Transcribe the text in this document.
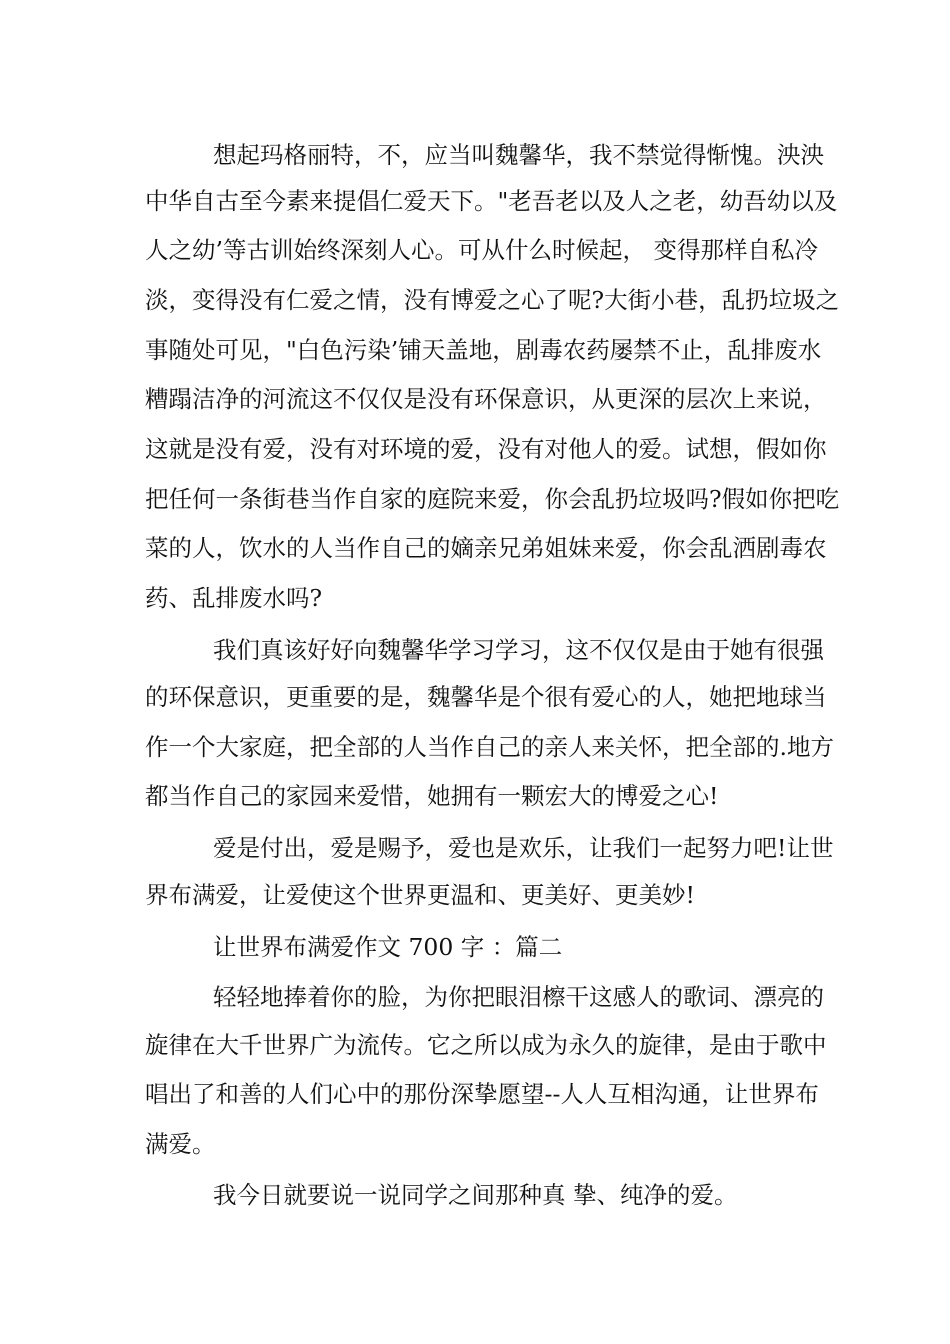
想起玛格丽特，不，应当叫魏馨华，我不禁觉得惭愧。泱泱
中华自古至今素来提倡仁爱天下。"老吾老以及人之老，幼吾幼以及
人之幼’等古训始终深刻人心。可从什么时候起， 变得那样自私冷
淡，变得没有仁爱之情，没有博爱之心了呢?大街小巷，乱扔垃圾之
事随处可见，"白色污染’铺天盖地，剧毒农药屡禁不止，乱排废水
糟蹋洁净的河流这不仅仅是没有环保意识，从更深的层次上来说，
这就是没有爱，没有对环境的爱，没有对他人的爱。试想，假如你
把任何一条街巷当作自家的庭院来爱，你会乱扔垃圾吗?假如你把吃
菜的人，饮水的人当作自己的嫡亲兄弟姐妹来爱，你会乱洒剧毒农
药、乱排废水吗?
我们真该好好向魏馨华学习学习，这不仅仅是由于她有很强
的环保意识，更重要的是，魏馨华是个很有爱心的人，她把地球当
作一个大家庭，把全部的人当作自己的亲人来关怀，把全部的.地方
都当作自己的家园来爱惜，她拥有一颗宏大的博爱之心!
爱是付出，爱是赐予，爱也是欢乐，让我们一起努力吧!让世
界布满爱，让爱使这个世界更温和、更美好、更美妙!
让世界布满爱作文 700 字 ：篇二
轻轻地捧着你的脸，为你把眼泪檫干这感人的歌词、漂亮的
旋律在大千世界广为流传。它之所以成为永久的旋律，是由于歌中
唱出了和善的人们心中的那份深挚愿望--人人互相沟通，让世界布
满爱。
我今日就要说一说同学之间那种真 挚、纯净的爱。
